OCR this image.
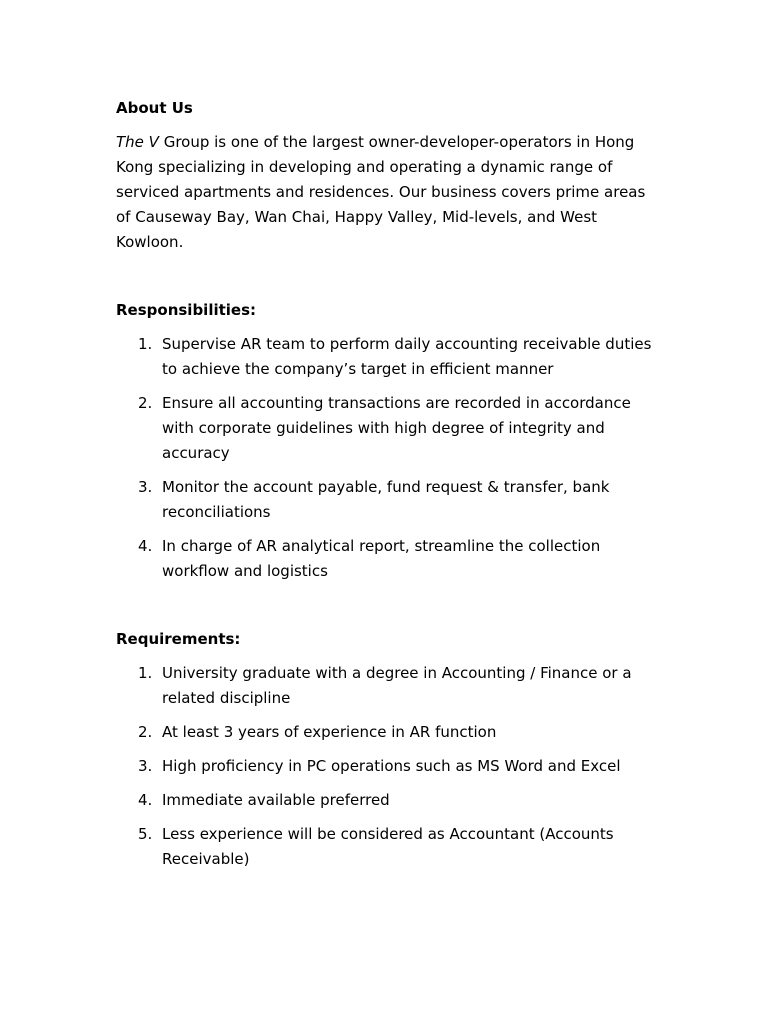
About Us

The V Group is one of the largest owner-developer-operators in Hong Kong specializing in developing and operating a dynamic range of serviced apartments and residences. Our business covers prime areas of Causeway Bay, Wan Chai, Happy Valley, Mid-levels, and West Kowloon.

Responsibilities:

1. Supervise AR team to perform daily accounting receivable duties to achieve the company’s target in efficient manner
2. Ensure all accounting transactions are recorded in accordance with corporate guidelines with high degree of integrity and accuracy
3. Monitor the account payable, fund request & transfer, bank reconciliations
4. In charge of AR analytical report, streamline the collection workflow and logistics

Requirements:

1. University graduate with a degree in Accounting / Finance or a related discipline
2. At least 3 years of experience in AR function
3. High proficiency in PC operations such as MS Word and Excel
4. Immediate available preferred
5. Less experience will be considered as Accountant (Accounts Receivable)
